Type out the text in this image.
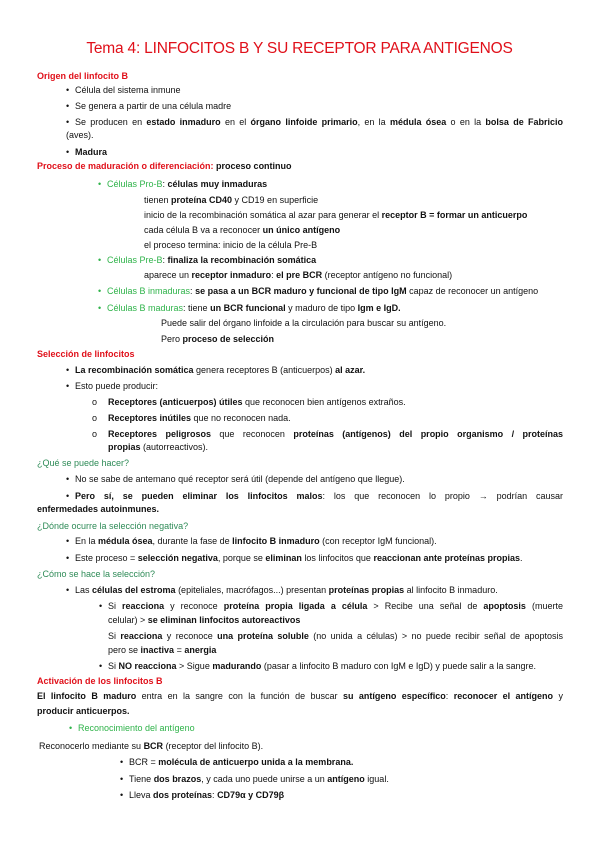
Tema 4: LINFOCITOS B Y SU RECEPTOR PARA ANTIGENOS
Origen del linfocito B
• Célula del sistema inmune
• Se genera a partir de una célula madre
• Se producen en estado inmaduro en el órgano linfoide primario, en la médula ósea o en la bolsa de Fabricio
(aves).
• Madura
Proceso de maduración o diferenciación: proceso continuo
• Células Pro-B: células muy inmaduras
tienen proteína CD40 y CD19 en superficie
inicio de la recombinación somática al azar para generar el receptor B = formar un anticuerpo
cada célula B va a reconocer un único antígeno
el proceso termina: inicio de la célula Pre-B
• Células Pre-B: finaliza la recombinación somática
aparece un receptor inmaduro: el pre BCR (receptor antígeno no funcional)
• Células B inmaduras: se pasa a un BCR maduro y funcional de tipo IgM capaz de reconocer un antígeno
• Células B maduras: tiene un BCR funcional y maduro de tipo Igm e IgD.
Puede salir del órgano linfoide a la circulación para buscar su antígeno.
Pero proceso de selección
Selección de linfocitos
• La recombinación somática genera receptores B (anticuerpos) al azar.
• Esto puede producir:
o Receptores (anticuerpos) útiles que reconocen bien antígenos extraños.
o Receptores inútiles que no reconocen nada.
o Receptores peligrosos que reconocen proteínas (antígenos) del propio organismo / proteínas
propias (autorreactivos).
¿Qué se puede hacer?
• No se sabe de antemano qué receptor será útil (depende del antígeno que llegue).
• Pero sí, se pueden eliminar los linfocitos malos: los que reconocen lo propio → podrían causar
enfermedades autoinmunes.
¿Dónde ocurre la selección negativa?
• En la médula ósea, durante la fase de linfocito B inmaduro (con receptor IgM funcional).
• Este proceso = selección negativa, porque se eliminan los linfocitos que reaccionan ante proteínas propias.
¿Cómo se hace la selección?
• Las células del estroma (epiteliales, macrófagos...) presentan proteínas propias al linfocito B inmaduro.
• Si reacciona y reconoce proteína propia ligada a célula > Recibe una señal de apoptosis (muerte
celular) > se eliminan linfocitos autoreactivos
Si reacciona y reconoce una proteína soluble (no unida a células) > no puede recibir señal de apoptosis
pero se inactiva = anergia
• Si NO reacciona > Sigue madurando (pasar a linfocito B maduro con IgM e IgD) y puede salir a la sangre.
Activación de los linfocitos B
El linfocito B maduro entra en la sangre con la función de buscar su antígeno específico: reconocer el antígeno y
producir anticuerpos.
• Reconocimiento del antígeno
Reconocerlo mediante su BCR (receptor del linfocito B).
• BCR = molécula de anticuerpo unida a la membrana.
• Tiene dos brazos, y cada uno puede unirse a un antígeno igual.
• Lleva dos proteínas: CD79α y CD79β
